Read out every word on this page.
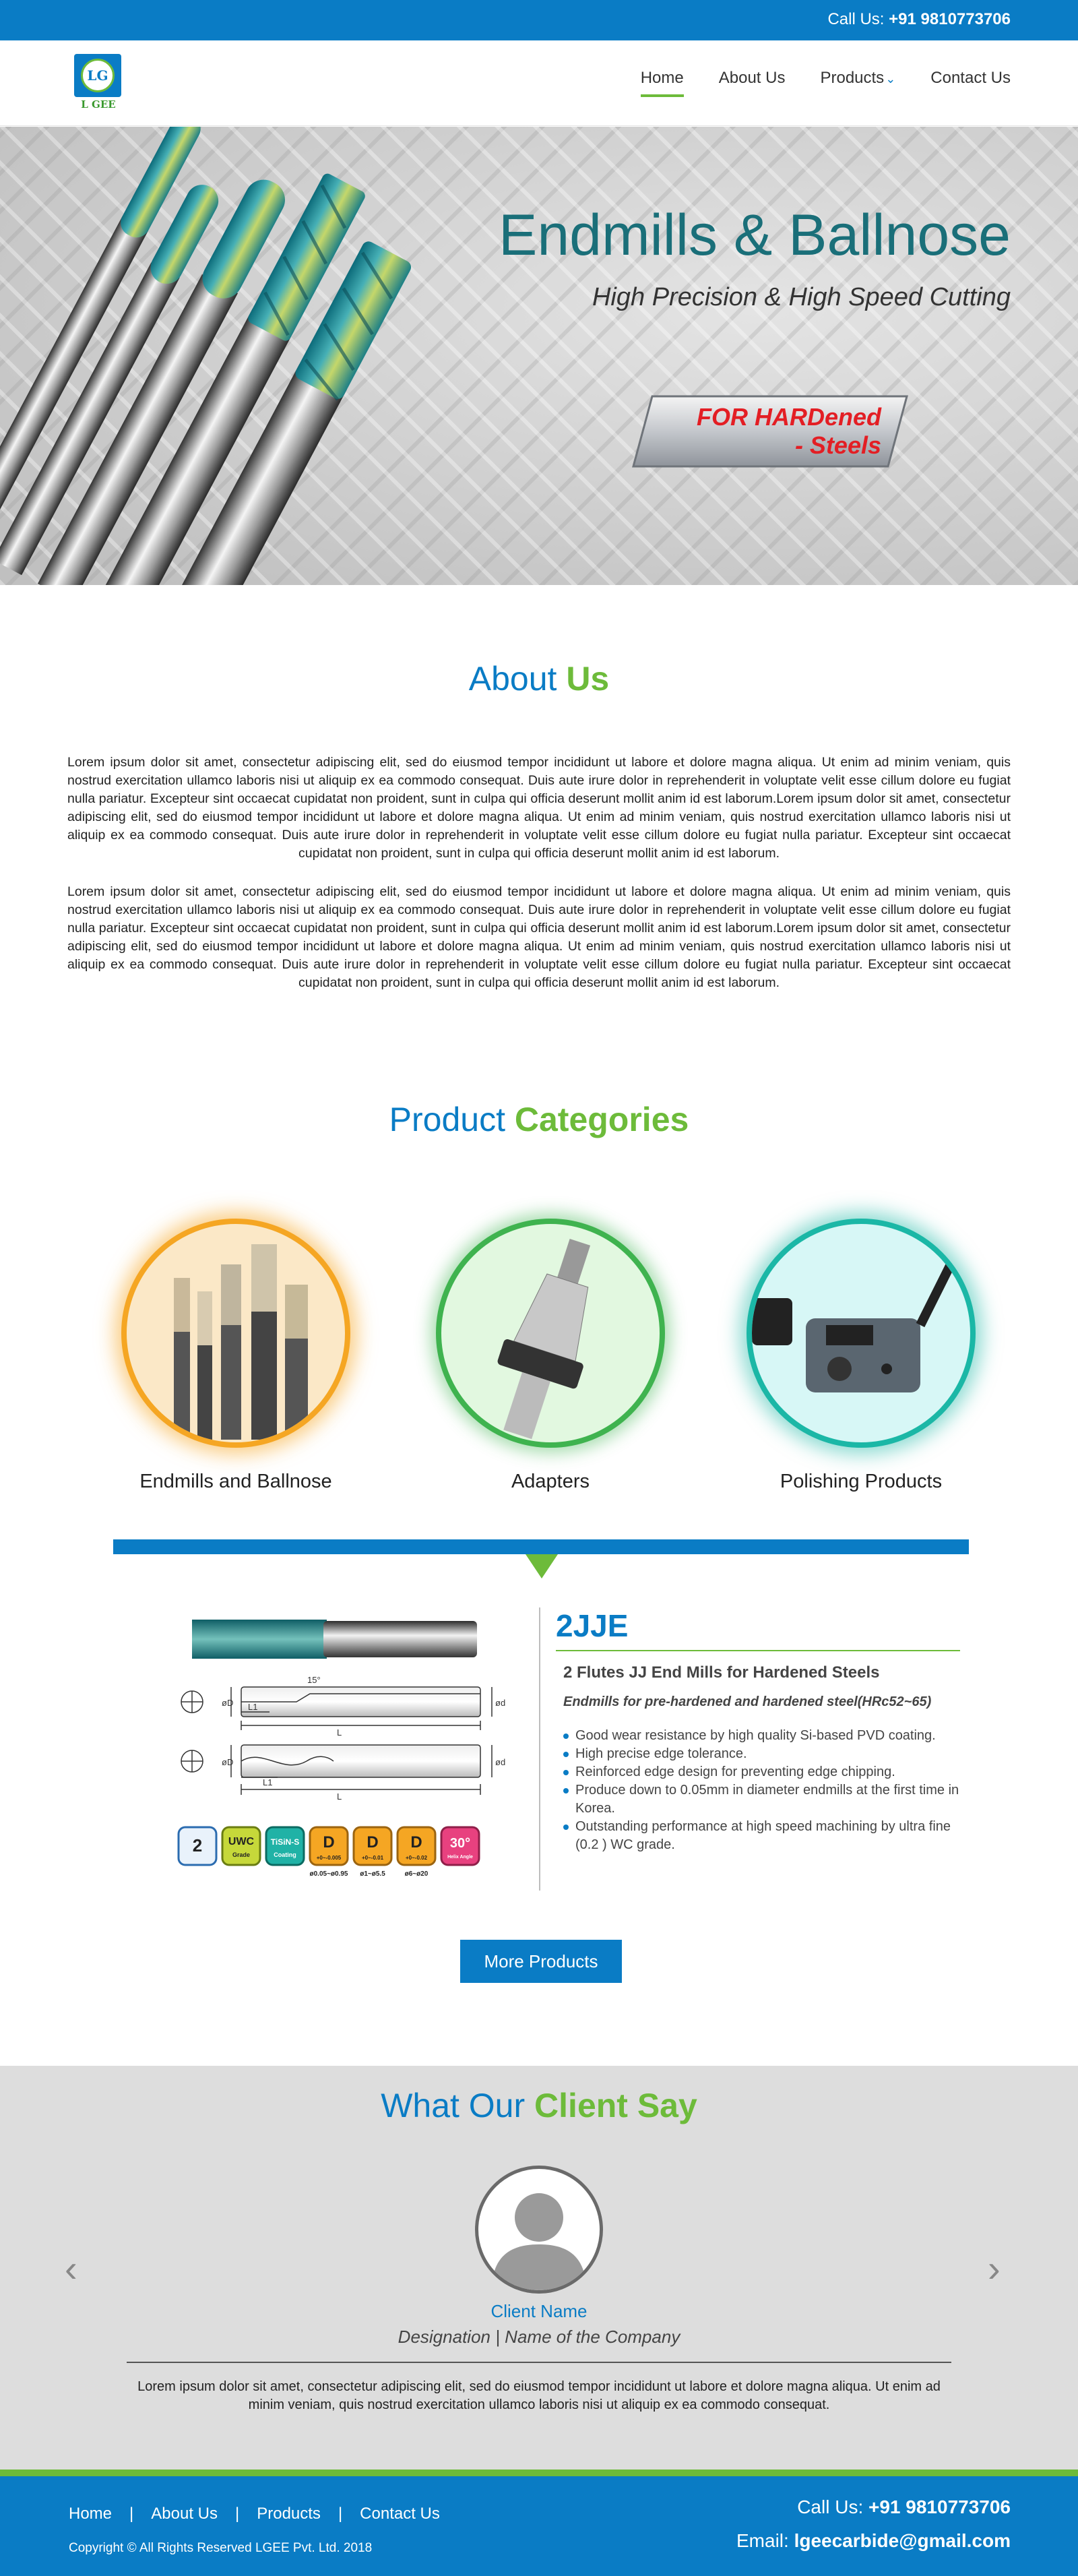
Call Us: +91 9810773706
LG
L GEE
Home About Us Products ⌄ Contact Us
Endmills & Ballnose
High Precision & High Speed Cutting
FOR HARDened
- Steels
About Us

Lorem ipsum dolor sit amet, consectetur adipiscing elit, sed do eiusmod tempor incididunt ut labore et dolore magna aliqua. Ut enim ad minim veniam, quis nostrud exercitation ullamco laboris nisi ut aliquip ex ea commodo consequat. Duis aute irure dolor in reprehenderit in voluptate velit esse cillum dolore eu fugiat nulla pariatur. Excepteur sint occaecat cupidatat non proident, sunt in culpa qui officia deserunt mollit anim id est laborum.Lorem ipsum dolor sit amet, consectetur adipiscing elit, sed do eiusmod tempor incididunt ut labore et dolore magna aliqua. Ut enim ad minim veniam, quis nostrud exercitation ullamco laboris nisi ut aliquip ex ea commodo consequat. Duis aute irure dolor in reprehenderit in voluptate velit esse cillum dolore eu fugiat nulla pariatur. Excepteur sint occaecat cupidatat non proident, sunt in culpa qui officia deserunt mollit anim id est laborum.

Lorem ipsum dolor sit amet, consectetur adipiscing elit, sed do eiusmod tempor incididunt ut labore et dolore magna aliqua. Ut enim ad minim veniam, quis nostrud exercitation ullamco laboris nisi ut aliquip ex ea commodo consequat. Duis aute irure dolor in reprehenderit in voluptate velit esse cillum dolore eu fugiat nulla pariatur. Excepteur sint occaecat cupidatat non proident, sunt in culpa qui officia deserunt mollit anim id est laborum.Lorem ipsum dolor sit amet, consectetur adipiscing elit, sed do eiusmod tempor incididunt ut labore et dolore magna aliqua. Ut enim ad minim veniam, quis nostrud exercitation ullamco laboris nisi ut aliquip ex ea commodo consequat. Duis aute irure dolor in reprehenderit in voluptate velit esse cillum dolore eu fugiat nulla pariatur. Excepteur sint occaecat cupidatat non proident, sunt in culpa qui officia deserunt mollit anim id est laborum.

Product Categories
Endmills and Ballnose	Adapters	Polishing Products
15°
øD	ød
L1
L
øD	ød
L1
L
2 UWC
Grade
TiSiN-S
Coating
D
+0~-0.005
ø0.05~ø0.95
D
+0~-0.01
ø1~ø5.5
D
+0~-0.02
ø6~ø20
30°
Helix Angle
2JJE
2 Flutes JJ End Mills for Hardened Steels
Endmills for pre-hardened and hardened steel(HRc52~65)
Good wear resistance by high quality Si-based PVD coating.
High precise edge tolerance.
Reinforced edge design for preventing edge chipping.
Produce down to 0.05mm in diameter endmills at the first time in Korea.
Outstanding performance at high speed machining by ultra fine (0.2 ) WC grade.
More Products
What Our Client Say
‹	›
Client Name
Designation | Name of the Company
Lorem ipsum dolor sit amet, consectetur adipiscing elit, sed do eiusmod tempor incididunt ut labore et dolore magna aliqua. Ut enim ad minim veniam, quis nostrud exercitation ullamco laboris nisi ut aliquip ex ea commodo consequat.
Home | About Us | Products | Contact Us
Copyright © All Rights Reserved LGEE Pvt. Ltd. 2018
Call Us: +91 9810773706
Email: lgeecarbide@gmail.com
